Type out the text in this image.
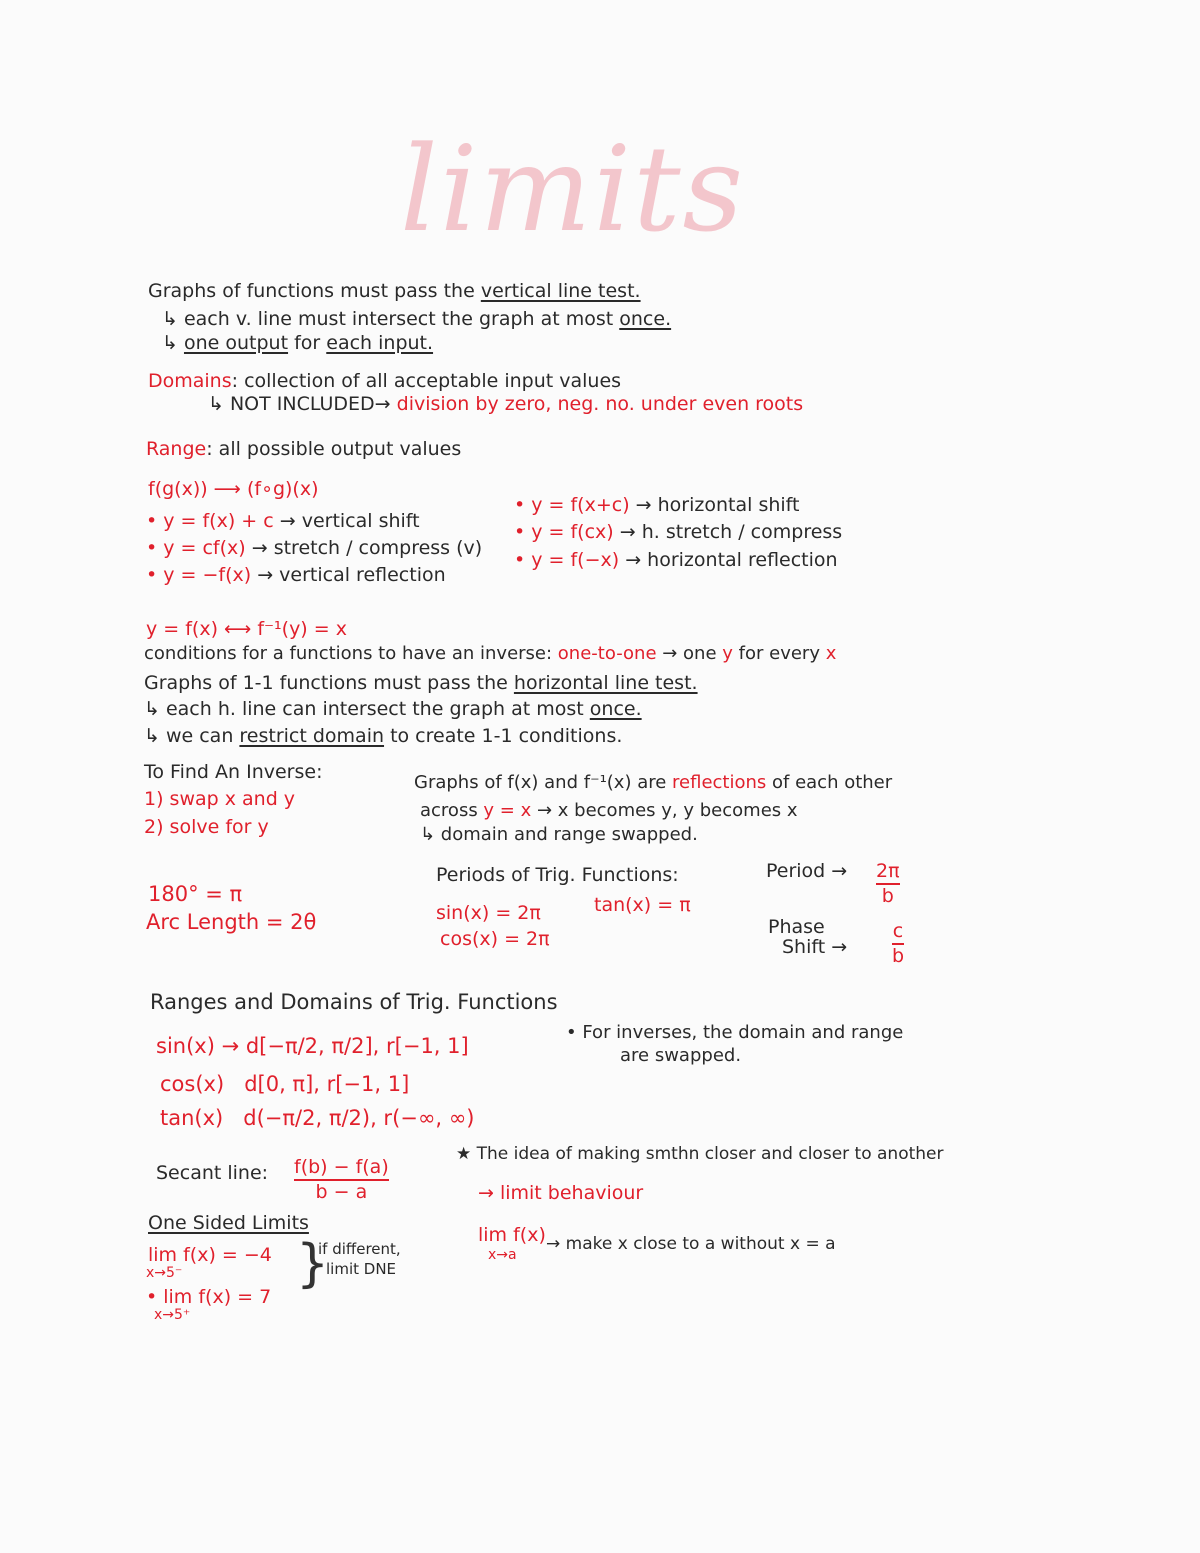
limits
Graphs of functions must pass the vertical line test.
↳ each v. line must intersect the graph at most once.
↳ one output for each input.
Domains: collection of all acceptable input values
↳ NOT INCLUDED→ division by zero, neg. no. under even roots
Range: all possible output values
f(g(x)) ⟶ (f∘g)(x)
• y = f(x) + c → vertical shift
• y = cf(x) → stretch / compress (v)
• y = −f(x) → vertical reflection
• y = f(x+c) → horizontal shift
• y = f(cx) → h. stretch / compress
• y = f(−x) → horizontal reflection
y = f(x) ⟷ f⁻¹(y) = x
conditions for a functions to have an inverse: one-to-one → one y for every x
Graphs of 1-1 functions must pass the horizontal line test.
↳ each h. line can intersect the graph at most once.
↳ we can restrict domain to create 1-1 conditions.
To Find An Inverse:
1) swap x and y
2) solve for y
Graphs of f(x) and f⁻¹(x) are reflections of each other
across y = x → x becomes y, y becomes x
↳ domain and range swapped.
180° = π
Arc Length = 2θ
Periods of Trig. Functions:
sin(x) = 2π
cos(x) = 2π
tan(x) = π
Period → 2π
b
Phase
Shift →
c
b
Ranges and Domains of Trig. Functions
sin(x) → d[−π/2, π/2], r[−1, 1]
cos(x) d[0, π], r[−1, 1]
tan(x) d(−π/2, π/2), r(−∞, ∞)
• For inverses, the domain and range
are swapped.
Secant line: f(b) − f(a)
b − a
★ The idea of making smthn closer and closer to another
→ limit behaviour
lim f(x)
x→a
→ make x close to a without x = a
One Sided Limits
lim f(x) = −4
x→5⁻
• lim f(x) = 7
x→5⁺
}
if different,
limit DNE
